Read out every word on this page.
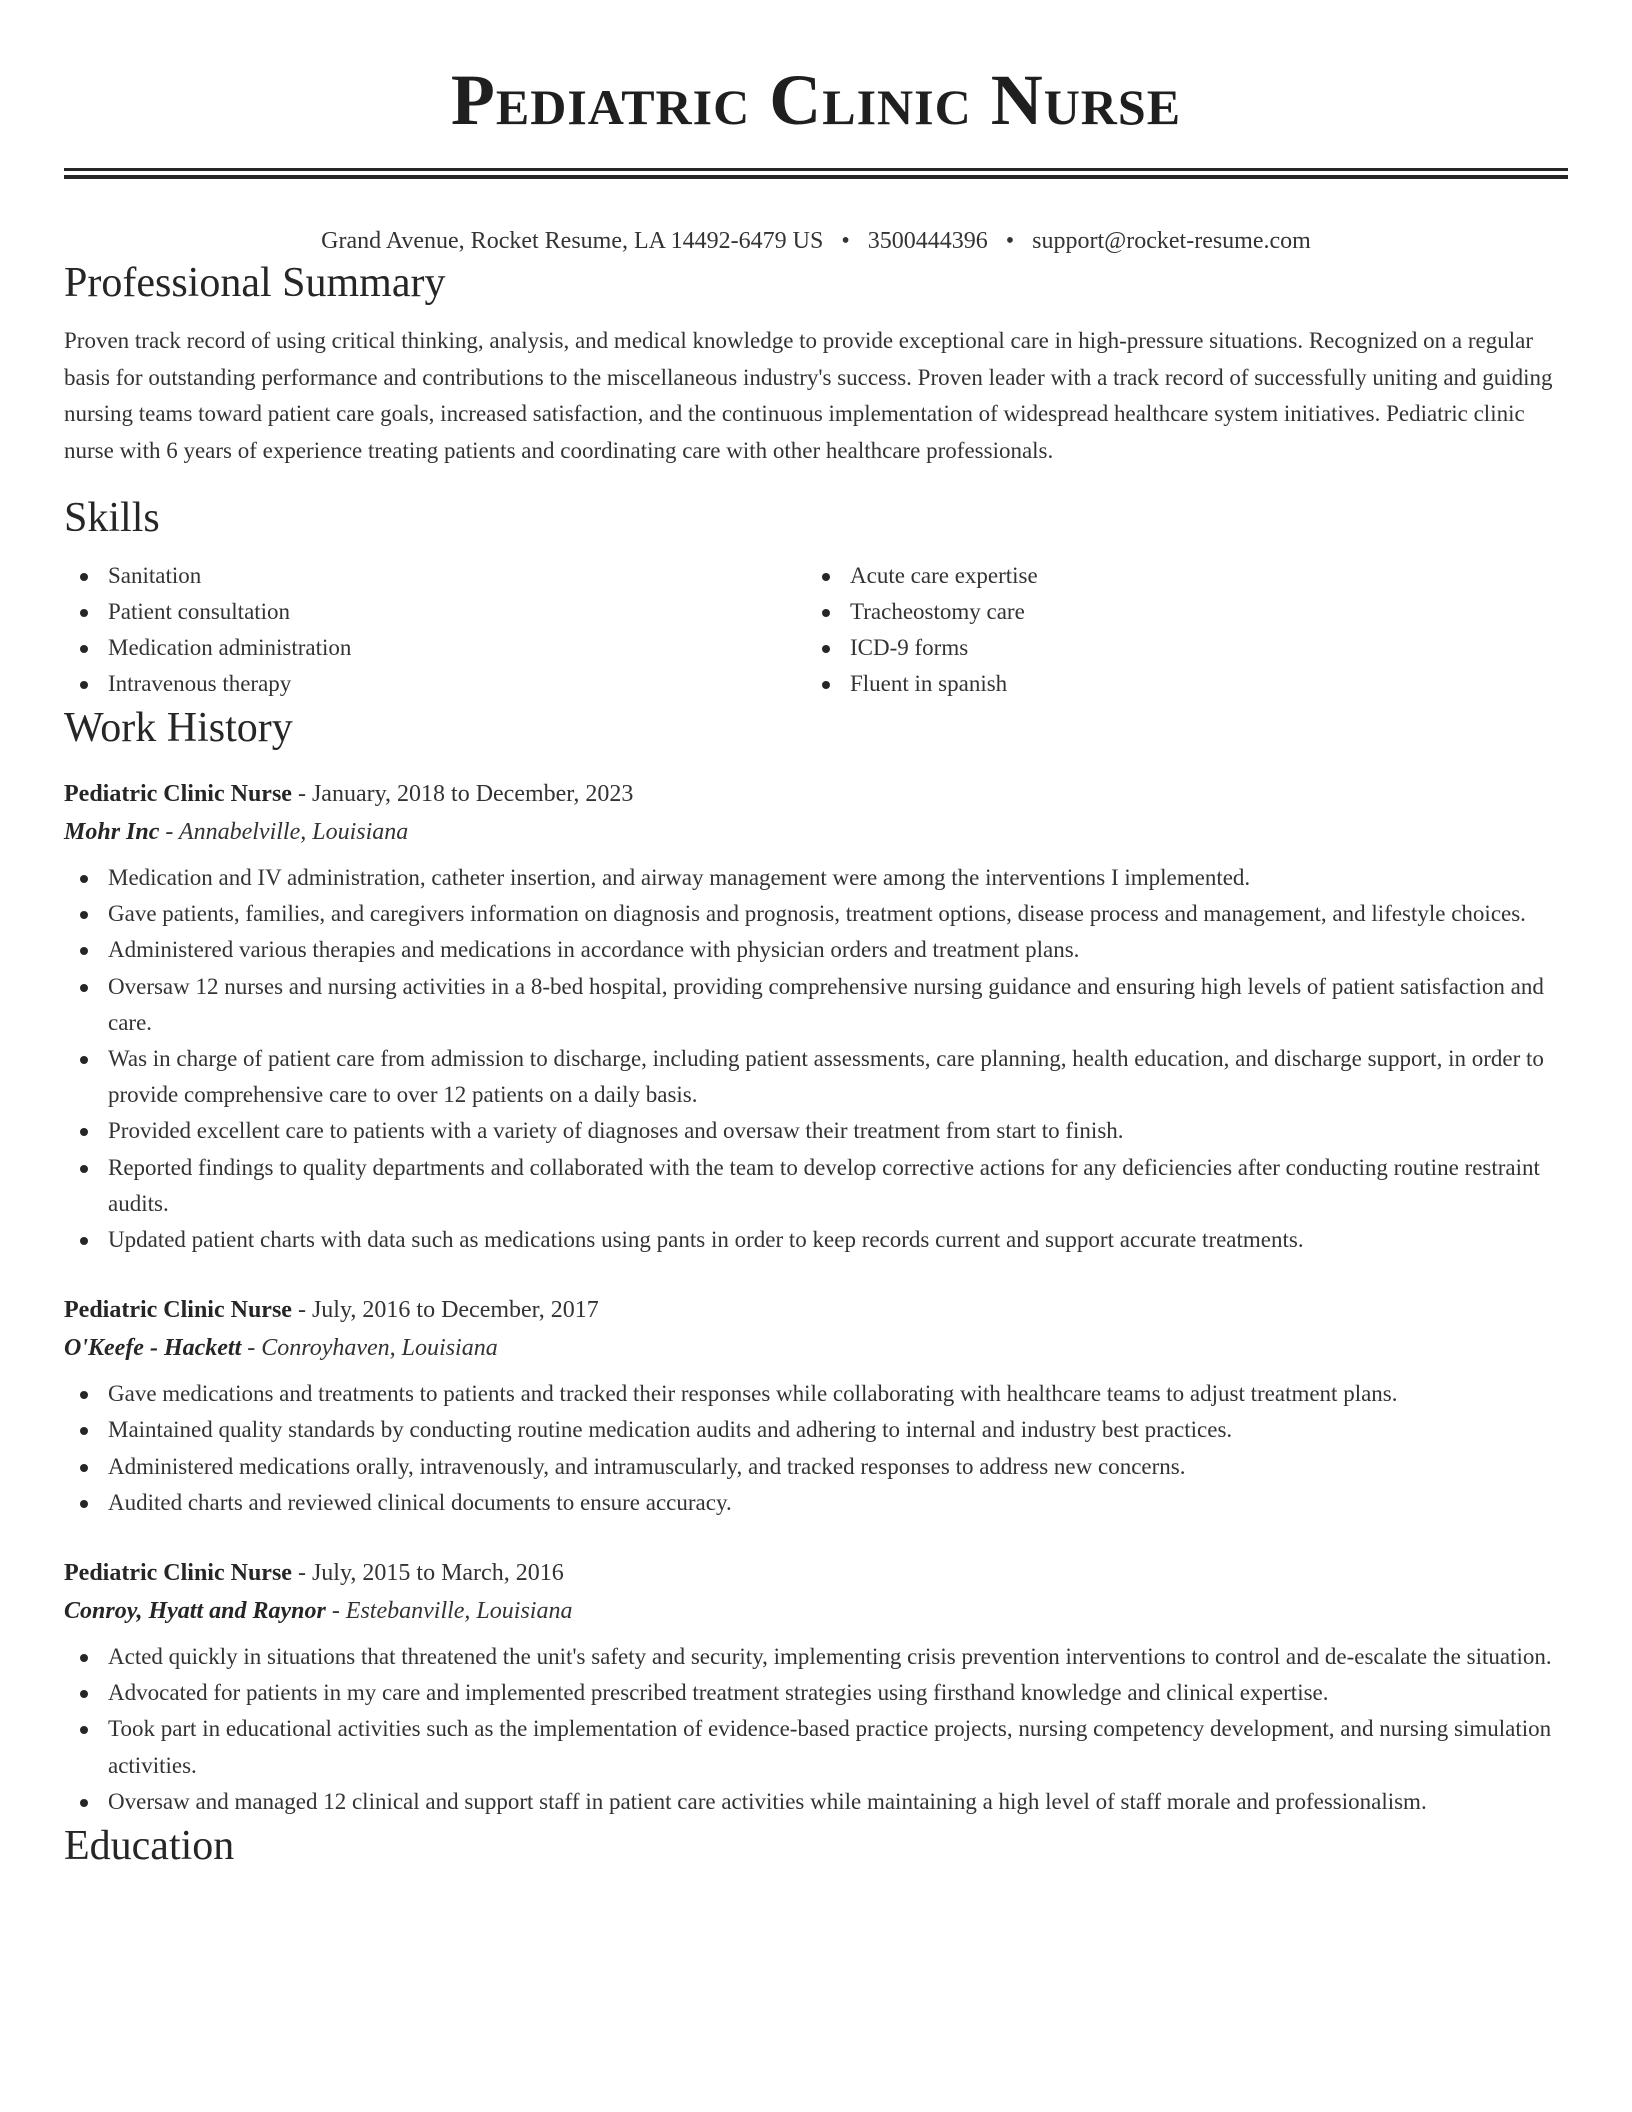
Pediatric Clinic Nurse
Grand Avenue, Rocket Resume, LA 14492-6479 US • 3500444396 • support@rocket-resume.com
Professional Summary

Proven track record of using critical thinking, analysis, and medical knowledge to provide exceptional care in high-pressure situations. Recognized on a regular basis for outstanding performance and contributions to the miscellaneous industry's success. Proven leader with a track record of successfully uniting and guiding nursing teams toward patient care goals, increased satisfaction, and the continuous implementation of widespread healthcare system initiatives. Pediatric clinic nurse with 6 years of experience treating patients and coordinating care with other healthcare professionals.

Skills
Sanitation
Patient consultation
Medication administration
Intravenous therapy
Acute care expertise
Tracheostomy care
ICD-9 forms
Fluent in spanish
Work History
Pediatric Clinic Nurse - January, 2018 to December, 2023
Mohr Inc - Annabelville, Louisiana
Medication and IV administration, catheter insertion, and airway management were among the interventions I implemented.
Gave patients, families, and caregivers information on diagnosis and prognosis, treatment options, disease process and management, and lifestyle choices.
Administered various therapies and medications in accordance with physician orders and treatment plans.
Oversaw 12 nurses and nursing activities in a 8-bed hospital, providing comprehensive nursing guidance and ensuring high levels of patient satisfaction and care.
Was in charge of patient care from admission to discharge, including patient assessments, care planning, health education, and discharge support, in order to provide comprehensive care to over 12 patients on a daily basis.
Provided excellent care to patients with a variety of diagnoses and oversaw their treatment from start to finish.
Reported findings to quality departments and collaborated with the team to develop corrective actions for any deficiencies after conducting routine restraint audits.
Updated patient charts with data such as medications using pants in order to keep records current and support accurate treatments.
Pediatric Clinic Nurse - July, 2016 to December, 2017
O'Keefe - Hackett - Conroyhaven, Louisiana
Gave medications and treatments to patients and tracked their responses while collaborating with healthcare teams to adjust treatment plans.
Maintained quality standards by conducting routine medication audits and adhering to internal and industry best practices.
Administered medications orally, intravenously, and intramuscularly, and tracked responses to address new concerns.
Audited charts and reviewed clinical documents to ensure accuracy.
Pediatric Clinic Nurse - July, 2015 to March, 2016
Conroy, Hyatt and Raynor - Estebanville, Louisiana
Acted quickly in situations that threatened the unit's safety and security, implementing crisis prevention interventions to control and de-escalate the situation.
Advocated for patients in my care and implemented prescribed treatment strategies using firsthand knowledge and clinical expertise.
Took part in educational activities such as the implementation of evidence-based practice projects, nursing competency development, and nursing simulation activities.
Oversaw and managed 12 clinical and support staff in patient care activities while maintaining a high level of staff morale and professionalism.
Education
